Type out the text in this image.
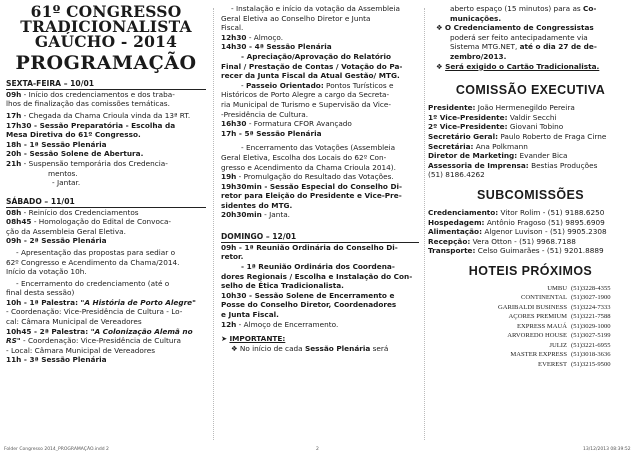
61º CONGRESSO
TRADICIONALISTA
GAÚCHO - 2014
PROGRAMAÇÃO
SEXTA-FEIRA – 10/01
09h - Início dos credenciamentos e dos traba-
lhos de finalização das comissões temáticas.
17h - Chegada da Chama Crioula vinda da 13ª RT.
17h30 - Sessão Preparatória - Escolha da
Mesa Diretiva do 61º Congresso.
18h - 1ª Sessão Plenária
20h - Sessão Solene de Abertura.
21h - Suspensão temporária dos Credencia-
mentos.
- Jantar.
SÁBADO – 11/01
08h - Reinício dos Credenciamentos
08h45 - Homologação do Edital de Convoca-
ção da Assembleia Geral Eletiva.
09h - 2ª Sessão Plenária
- Apresentação das propostas para sediar o
62º Congresso e Acendimento da Chama/2014.
Início da votação 10h.
- Encerramento do credenciamento (até o
final desta sessão)
10h - 1ª Palestra: "A História de Porto Alegre"
- Coordenação: Vice-Presidência de Cultura - Lo-
cal: Câmara Municipal de Vereadores
10h45 - 2ª Palestra: "A Colonização Alemã no
RS" - Coordenação: Vice-Presidência de Cultura
- Local: Câmara Municipal de Vereadores
11h - 3ª Sessão Plenária
- Instalação e início da votação da Assembleia
Geral Eletiva ao Conselho Diretor e Junta
Fiscal.
12h30 - Almoço.
14h30 - 4ª Sessão Plenária
- Apreciação/Aprovação do Relatório
Final / Prestação de Contas / Votação do Pa-
recer da Junta Fiscal da Atual Gestão/ MTG.
- Passeio Orientado: Pontos Turísticos e
Históricos de Porto Alegre a cargo da Secreta-
ria Municipal de Turismo e Supervisão da Vice-
-Presidência de Cultura.
16h30 - Formatura CFOR Avançado
17h - 5ª Sessão Plenária
- Encerramento das Votações (Assembleia
Geral Eletiva, Escolha dos Locais do 62º Con-
gresso e Acendimento da Chama Crioula 2014).
19h - Promulgação do Resultado das Votações.
19h30min - Sessão Especial do Conselho Di-
retor para Eleição do Presidente e Vice-Pre-
sidentes do MTG.
20h30min - Janta.
DOMINGO – 12/01
09h - 1ª Reunião Ordinária do Conselho Di-
retor.
- 1ª Reunião Ordinária dos Coordena-
dores Regionais / Escolha e Instalação do Con-
selho de Ética Tradicionalista.
10h30 - Sessão Solene de Encerramento e
Posse do Conselho Diretor, Coordenadores
e Junta Fiscal.
12h - Almoço de Encerramento.
➤ IMPORTANTE:
❖ No início de cada Sessão Plenária será
aberto espaço (15 minutos) para as Co-
municações.
❖ O Credenciamento de Congressistas
poderá ser feito antecipadamente via
Sistema MTG.NET, até o dia 27 de de-
zembro/2013.
❖ Será exigido o Cartão Tradicionalista.
COMISSÃO EXECUTIVA
Presidente: João Hermenegildo Pereira
1º Vice-Presidente: Valdir Secchi
2º Vice-Presidente: Giovani Tobino
Secretário Geral: Paulo Roberto de Fraga Cirne
Secretária: Ana Polkmann
Diretor de Marketing: Evander Bica
Assessoria de Imprensa: Bestias Produções
(51) 8186.4262
SUBCOMISSÕES
Credenciamento: Vitor Rolim - (51) 9188.6250
Hospedagem: Antônio Fragoso (51) 9895.6909
Alimentação: Algenor Luvison - (51) 9905.2308
Recepção: Vera Otton - (51) 9968.7188
Transporte: Celso Guimarães - (51) 9201.8889
HOTEIS PRÓXIMOS
UMBU (51)3228-4355
CONTINENTAL (51)3027-1900
GARIBALDI BUSINESS (51)3224-7333
AÇORES PREMIUM (51)3221-7588
EXPRESS MAUÁ (51)3029-1000
ARVOREDO HOUSE (51)3027-5199
JULIZ (51)3221-6955
MASTER EXPRESS (51)3018-3636
EVEREST (51)3215-9500
Folder Congresso 2014_PROGRAMAÇÃO.indd 2	2	13/12/2013 08:39:52
